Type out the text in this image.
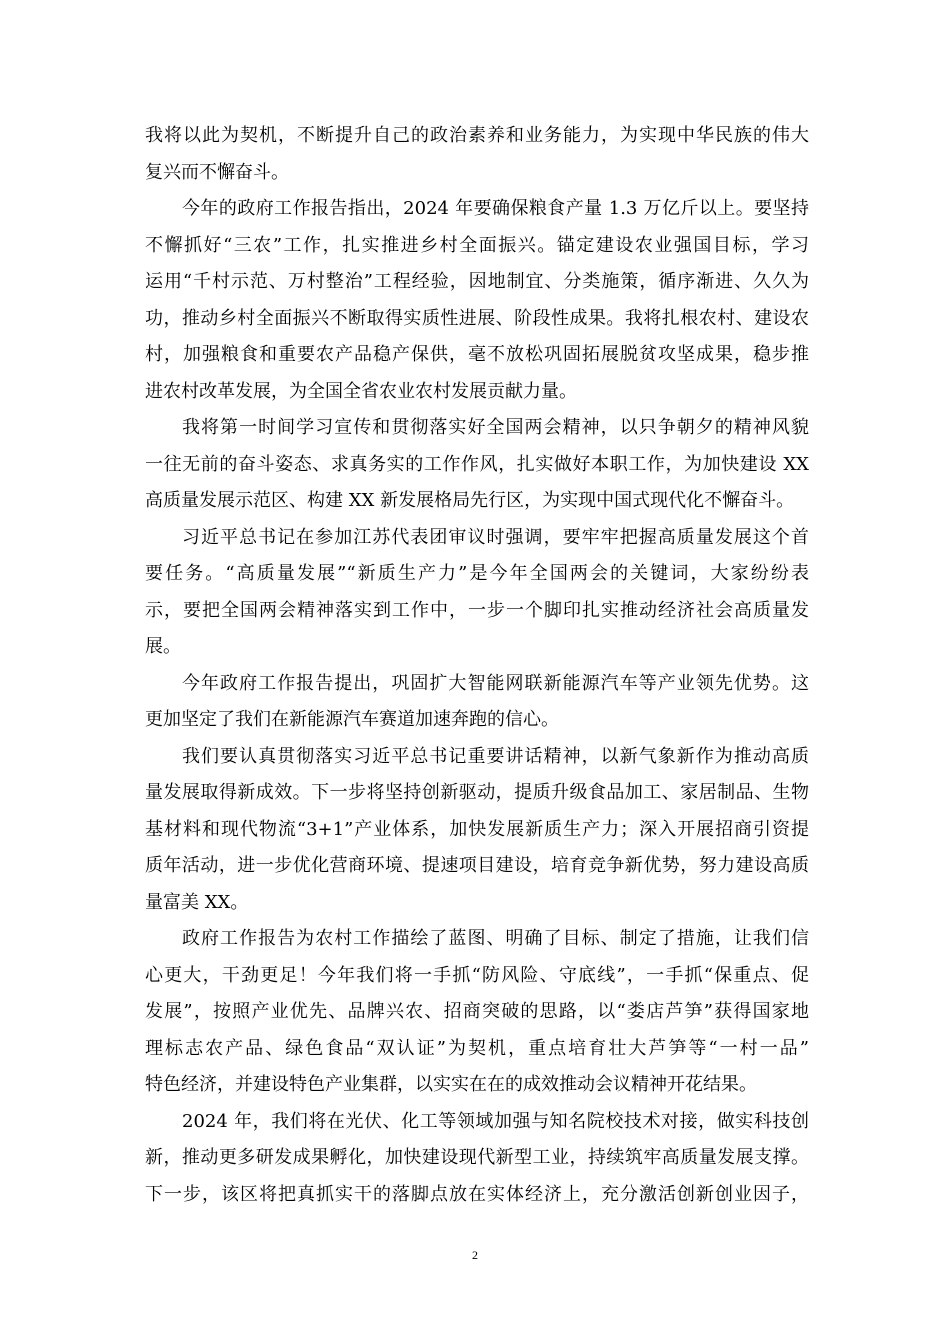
我将以此为契机，不断提升自己的政治素养和业务能力，为实现中华民族的伟大
复兴而不懈奋斗。
今年的政府工作报告指出，2024 年要确保粮食产量 1.3 万亿斤以上。要坚持
不懈抓好“三农”工作，扎实推进乡村全面振兴。锚定建设农业强国目标，学习
运用“千村示范、万村整治”工程经验，因地制宜、分类施策，循序渐进、久久为
功，推动乡村全面振兴不断取得实质性进展、阶段性成果。我将扎根农村、建设农
村，加强粮食和重要农产品稳产保供，毫不放松巩固拓展脱贫攻坚成果，稳步推
进农村改革发展，为全国全省农业农村发展贡献力量。
我将第一时间学习宣传和贯彻落实好全国两会精神，以只争朝夕的精神风貌
一往无前的奋斗姿态、求真务实的工作作风，扎实做好本职工作，为加快建设 XX
高质量发展示范区、构建 XX 新发展格局先行区，为实现中国式现代化不懈奋斗。
习近平总书记在参加江苏代表团审议时强调，要牢牢把握高质量发展这个首
要任务。“高质量发展”“新质生产力”是今年全国两会的关键词，大家纷纷表
示，要把全国两会精神落实到工作中，一步一个脚印扎实推动经济社会高质量发
展。
今年政府工作报告提出，巩固扩大智能网联新能源汽车等产业领先优势。这
更加坚定了我们在新能源汽车赛道加速奔跑的信心。
我们要认真贯彻落实习近平总书记重要讲话精神，以新气象新作为推动高质
量发展取得新成效。下一步将坚持创新驱动，提质升级食品加工、家居制品、生物
基材料和现代物流“3+1”产业体系，加快发展新质生产力；深入开展招商引资提
质年活动，进一步优化营商环境、提速项目建设，培育竞争新优势，努力建设高质
量富美 XX。
政府工作报告为农村工作描绘了蓝图、明确了目标、制定了措施，让我们信
心更大，干劲更足！今年我们将一手抓“防风险、守底线”，一手抓“保重点、促
发展”，按照产业优先、品牌兴农、招商突破的思路，以“娄店芦笋”获得国家地
理标志农产品、绿色食品“双认证”为契机，重点培育壮大芦笋等“一村一品”
特色经济，并建设特色产业集群，以实实在在的成效推动会议精神开花结果。
2024 年，我们将在光伏、化工等领域加强与知名院校技术对接，做实科技创
新，推动更多研发成果孵化，加快建设现代新型工业，持续筑牢高质量发展支撑。
下一步，该区将把真抓实干的落脚点放在实体经济上，充分激活创新创业因子，
2
